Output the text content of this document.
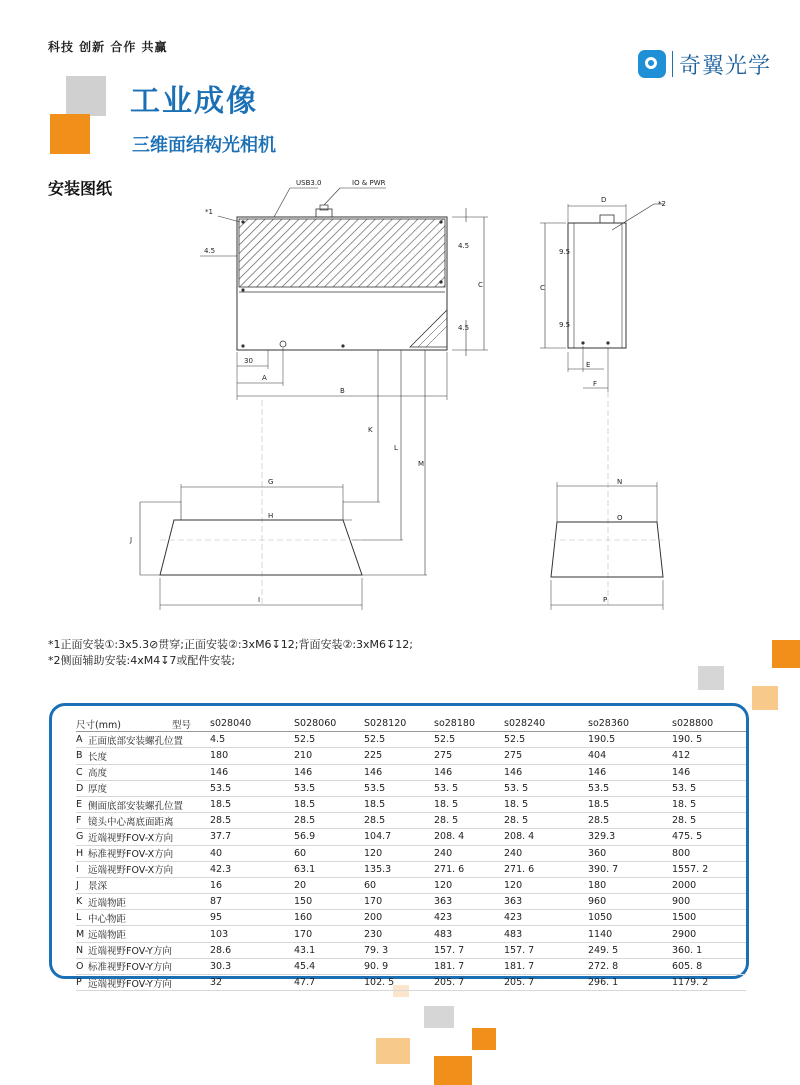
科技 创新 合作 共赢
奇翼光学
工业成像
三维面结构光相机
安装图纸	USB3.0	IO & PWR
*1
4.5
30
A
B
C
4.5
4.5
D	*2
C
9.5
9.5
E
F
K
L
M
G
H
J
I
N
O
P
*1正面安装①:3x5.3⊘贯穿;正面安装②:3xM6↧12;背面安装②:3xM6↧12;
*2侧面辅助安装:4xM4↧7或配件安装;
尺寸(mm) 型号		s028040	S028060	S028120	so28180	s028240	so28360	s028800
A	正面底部安装螺孔位置	4.5	52.5	52.5	52.5	52.5	190.5	190. 5
B	长度	180	210	225	275	275	404	412
C	高度	146	146	146	146	146	146	146
D	厚度	53.5	53.5	53.5	53. 5	53. 5	53.5	53. 5
E	侧面底部安装螺孔位置	18.5	18.5	18.5	18. 5	18. 5	18.5	18. 5
F	镜头中心离底面距离	28.5	28.5	28.5	28. 5	28. 5	28.5	28. 5
G	近端视野FOV-X方向	37.7	56.9	104.7	208. 4	208. 4	329.3	475. 5
H	标准视野FOV-X方向	40	60	120	240	240	360	800
I	远端视野FOV-X方向	42.3	63.1	135.3	271. 6	271. 6	390. 7	1557. 2
J	景深	16	20	60	120	120	180	2000
K	近端物距	87	150	170	363	363	960	900
L	中心物距	95	160	200	423	423	1050	1500
M	远端物距	103	170	230	483	483	1140	2900
N	近端视野FOV-Y方向	28.6	43.1	79. 3	157. 7	157. 7	249. 5	360. 1
O	标准视野FOV-Y方向	30.3	45.4	90. 9	181. 7	181. 7	272. 8	605. 8
P	远端视野FOV-Y方向	32	47.7	102. 5	205. 7	205. 7	296. 1	1179. 2
